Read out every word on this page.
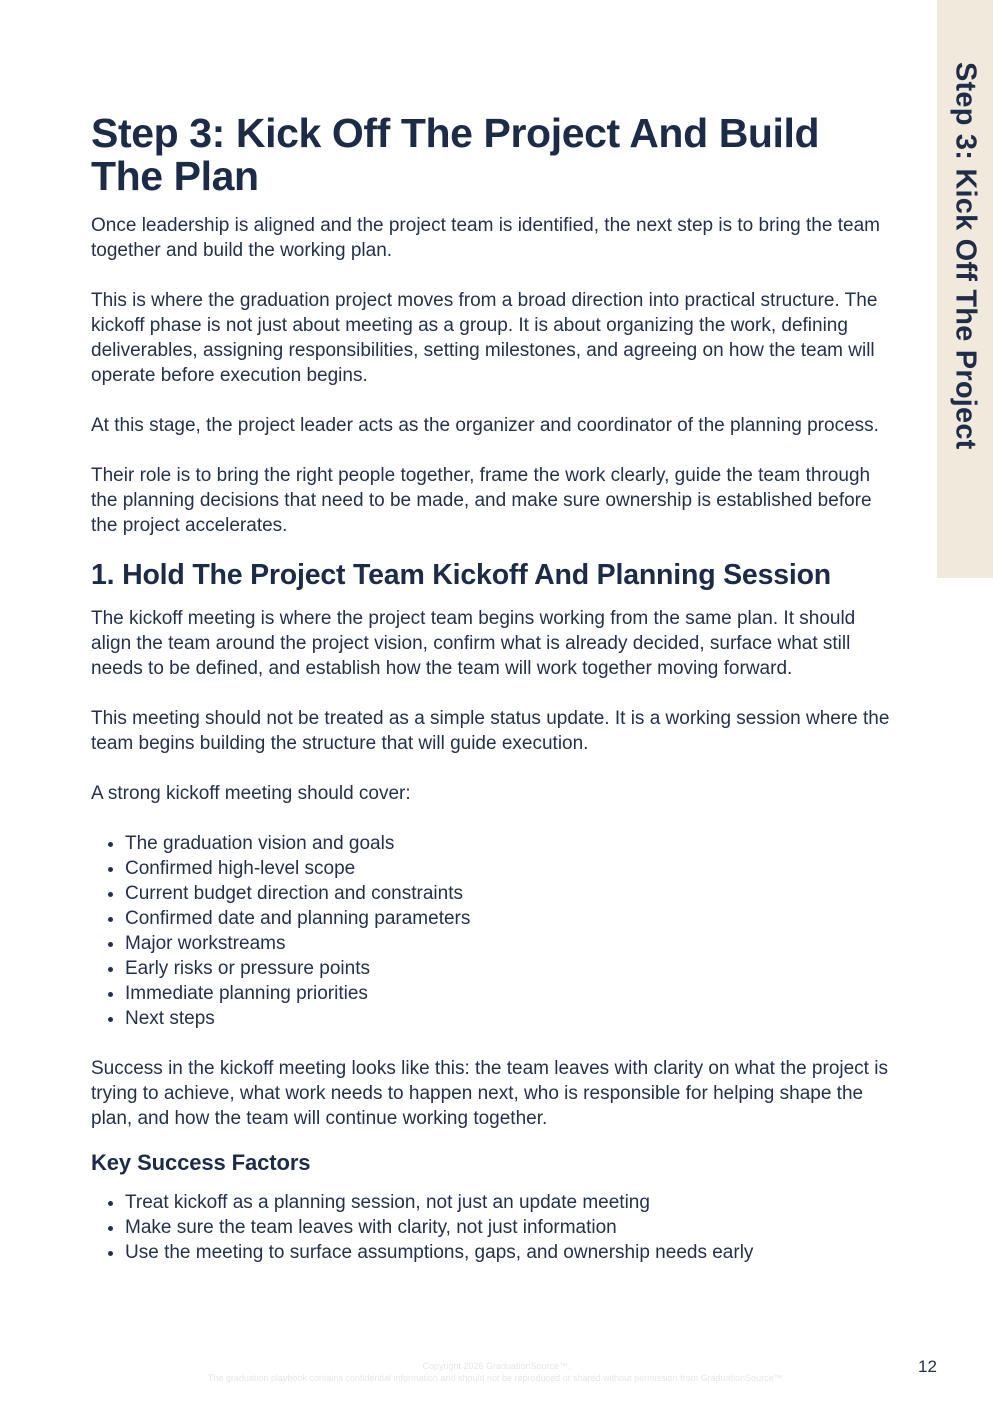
Step 3: Kick Off The Project
Step 3: Kick Off The Project And Build The Plan

Once leadership is aligned and the project team is identified, the next step is to bring the team together and build the working plan.

This is where the graduation project moves from a broad direction into practical structure. The kickoff phase is not just about meeting as a group. It is about organizing the work, defining deliverables, assigning responsibilities, setting milestones, and agreeing on how the team will operate before execution begins.

At this stage, the project leader acts as the organizer and coordinator of the planning process.

Their role is to bring the right people together, frame the work clearly, guide the team through the planning decisions that need to be made, and make sure ownership is established before the project accelerates.

1. Hold The Project Team Kickoff And Planning Session

The kickoff meeting is where the project team begins working from the same plan. It should align the team around the project vision, confirm what is already decided, surface what still needs to be defined, and establish how the team will work together moving forward.

This meeting should not be treated as a simple status update. It is a working session where the team begins building the structure that will guide execution.

A strong kickoff meeting should cover:

• The graduation vision and goals
• Confirmed high-level scope
• Current budget direction and constraints
• Confirmed date and planning parameters
• Major workstreams
• Early risks or pressure points
• Immediate planning priorities
• Next steps

Success in the kickoff meeting looks like this: the team leaves with clarity on what the project is trying to achieve, what work needs to happen next, who is responsible for helping shape the plan, and how the team will continue working together.

Key Success Factors
• Treat kickoff as a planning session, not just an update meeting
• Make sure the team leaves with clarity, not just information
• Use the meeting to surface assumptions, gaps, and ownership needs early
Copyright 2026 GraduationSource™.
The graduation playbook contains confidential information and should not be reproduced or shared without permission from GraduationSource™.
12
